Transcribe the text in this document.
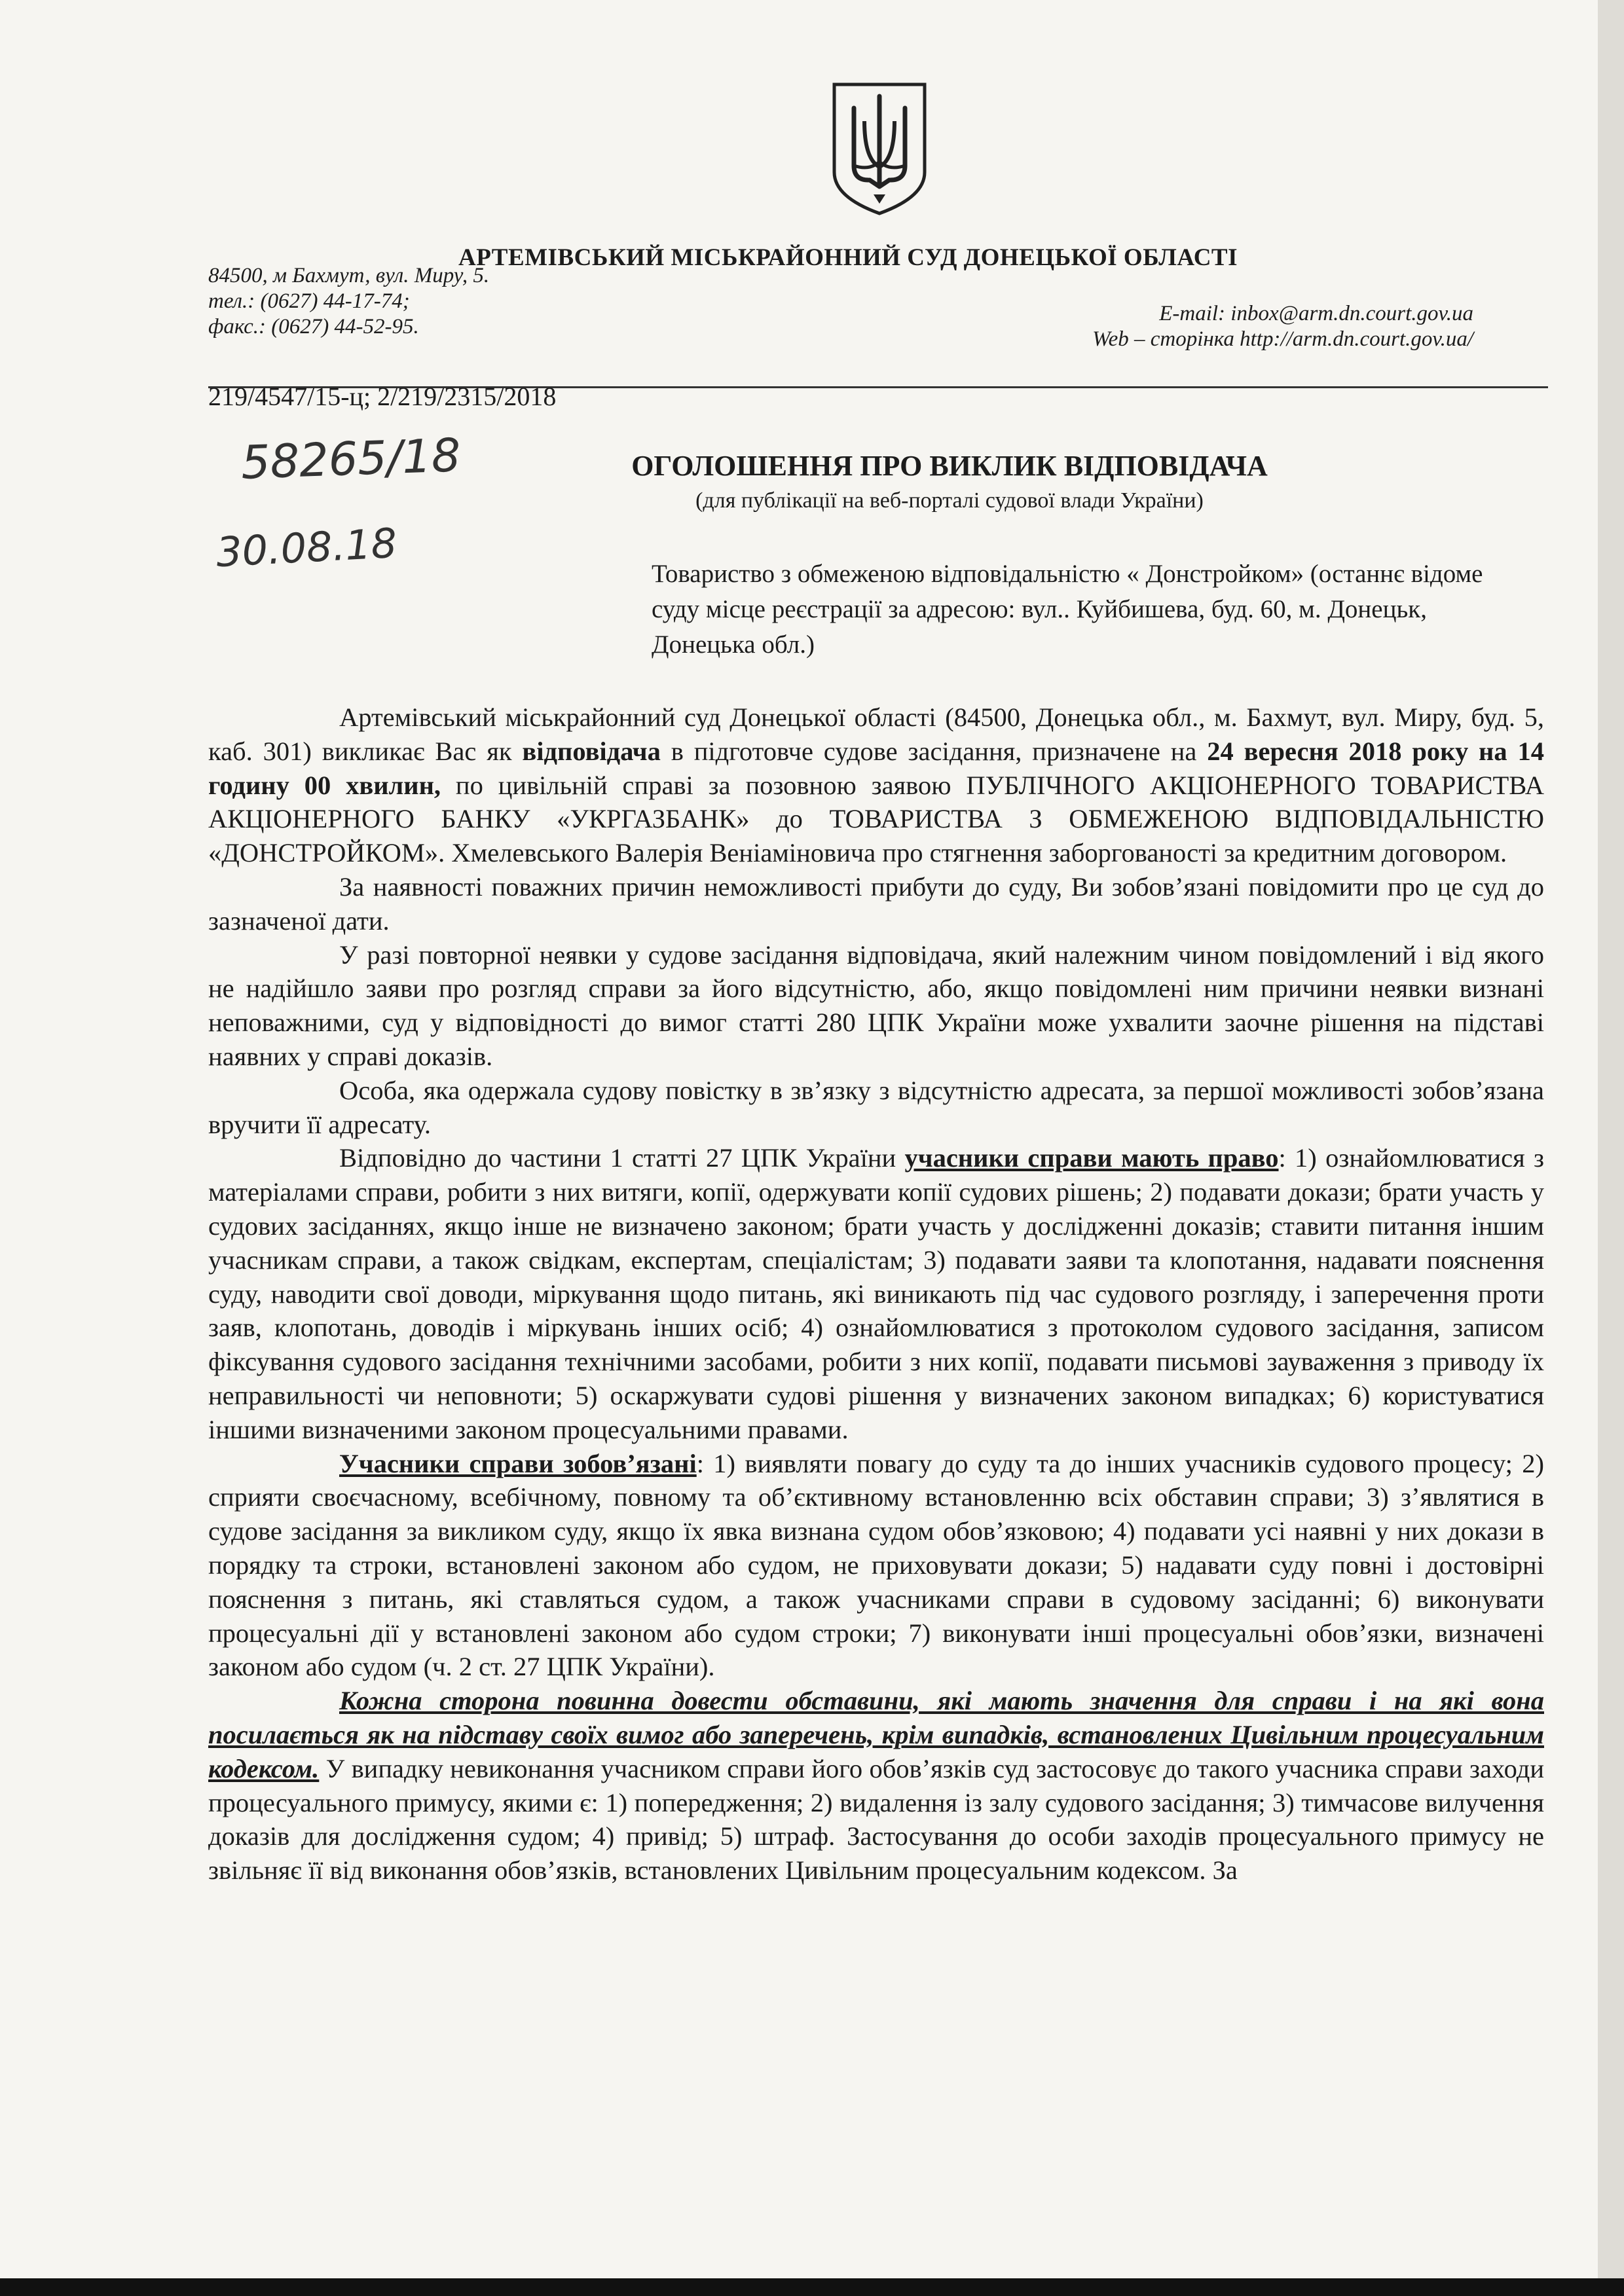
АРТЕМІВСЬКИЙ МІСЬКРАЙОННИЙ СУД ДОНЕЦЬКОЇ ОБЛАСТІ
84500, м Бахмут, вул. Миру, 5.
тел.: (0627) 44-17-74;
факс.: (0627) 44-52-95.
E-mail: inbox@arm.dn.court.gov.ua
Web – сторінка http://arm.dn.court.gov.ua/
219/4547/15-ц; 2/219/2315/2018
58265/18
30.08.18
ОГОЛОШЕННЯ ПРО ВИКЛИК ВІДПОВІДАЧА
(для публікації на веб-порталі судової влади України)
Товариство з обмеженою відповідальністю « Донстройком» (останнє відоме суду місце реєстрації за адресою: вул.. Куйбишева, буд. 60, м. Донецьк, Донецька обл.)

Артемівський міськрайонний суд Донецької області (84500, Донецька обл., м. Бахмут, вул. Миру, буд. 5, каб. 301) викликає Вас як відповідача в підготовче судове засідання, призначене на 24 вересня 2018 року на 14 годину 00 хвилин, по цивільній справі за позовною заявою ПУБЛІЧНОГО АКЦІОНЕРНОГО ТОВАРИСТВА АКЦІОНЕРНОГО БАНКУ «УКРГАЗБАНК» до ТОВАРИСТВА З ОБМЕЖЕНОЮ ВІДПОВІДАЛЬНІСТЮ «ДОНСТРОЙКОМ». Хмелевського Валерія Веніаміновича про стягнення заборгованості за кредитним договором.

За наявності поважних причин неможливості прибути до суду, Ви зобов’язані повідомити про це суд до зазначеної дати.

У разі повторної неявки у судове засідання відповідача, який належним чином повідомлений і від якого не надійшло заяви про розгляд справи за його відсутністю, або, якщо повідомлені ним причини неявки визнані неповажними, суд у відповідності до вимог статті 280 ЦПК України може ухвалити заочне рішення на підставі наявних у справі доказів.

Особа, яка одержала судову повістку в зв’язку з відсутністю адресата, за першої можливості зобов’язана вручити її адресату.

Відповідно до частини 1 статті 27 ЦПК України учасники справи мають право: 1) ознайомлюватися з матеріалами справи, робити з них витяги, копії, одержувати копії судових рішень; 2) подавати докази; брати участь у судових засіданнях, якщо інше не визначено законом; брати участь у дослідженні доказів; ставити питання іншим учасникам справи, а також свідкам, експертам, спеціалістам; 3) подавати заяви та клопотання, надавати пояснення суду, наводити свої доводи, міркування щодо питань, які виникають під час судового розгляду, і заперечення проти заяв, клопотань, доводів і міркувань інших осіб; 4) ознайомлюватися з протоколом судового засідання, записом фіксування судового засідання технічними засобами, робити з них копії, подавати письмові зауваження з приводу їх неправильності чи неповноти; 5) оскаржувати судові рішення у визначених законом випадках; 6) користуватися іншими визначеними законом процесуальними правами.

Учасники справи зобов’язані: 1) виявляти повагу до суду та до інших учасників судового процесу; 2) сприяти своєчасному, всебічному, повному та об’єктивному встановленню всіх обставин справи; 3) з’являтися в судове засідання за викликом суду, якщо їх явка визнана судом обов’язковою; 4) подавати усі наявні у них докази в порядку та строки, встановлені законом або судом, не приховувати докази; 5) надавати суду повні і достовірні пояснення з питань, які ставляться судом, а також учасниками справи в судовому засіданні; 6) виконувати процесуальні дії у встановлені законом або судом строки; 7) виконувати інші процесуальні обов’язки, визначені законом або судом (ч. 2 ст. 27 ЦПК України).

Кожна сторона повинна довести обставини, які мають значення для справи і на які вона посилається як на підставу своїх вимог або заперечень, крім випадків, встановлених Цивільним процесуальним кодексом. У випадку невиконання учасником справи його обов’язків суд застосовує до такого учасника справи заходи процесуального примусу, якими є: 1) попередження; 2) видалення із залу судового засідання; 3) тимчасове вилучення доказів для дослідження судом; 4) привід; 5) штраф. Застосування до особи заходів процесуального примусу не звільняє її від виконання обов’язків, встановлених Цивільним процесуальним кодексом. За
